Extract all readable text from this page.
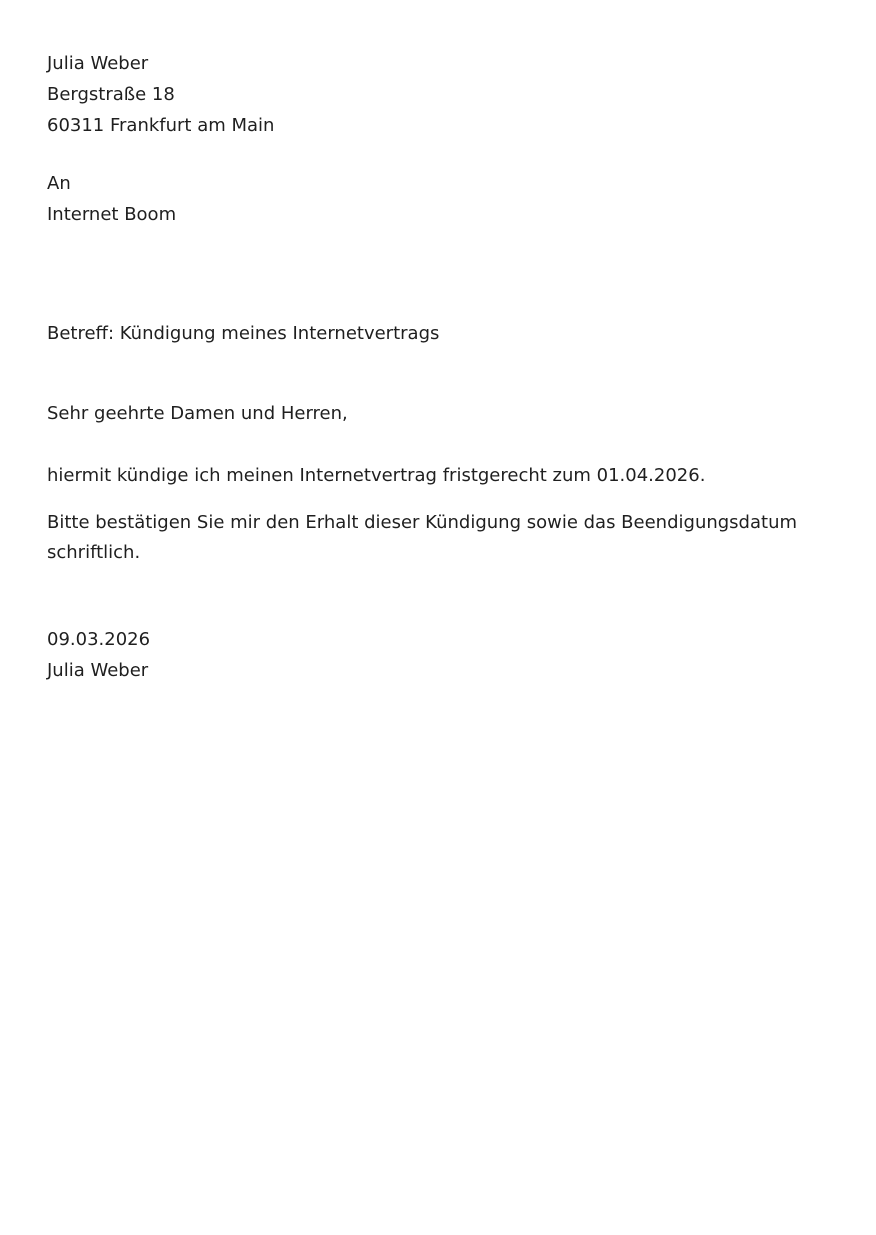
Julia Weber
Bergstraße 18
60311 Frankfurt am Main
An
Internet Boom
Betreff: Kündigung meines Internetvertrags
Sehr geehrte Damen und Herren,
hiermit kündige ich meinen Internetvertrag fristgerecht zum 01.04.2026.
Bitte bestätigen Sie mir den Erhalt dieser Kündigung sowie das Beendigungsdatum schriftlich.
09.03.2026
Julia Weber
